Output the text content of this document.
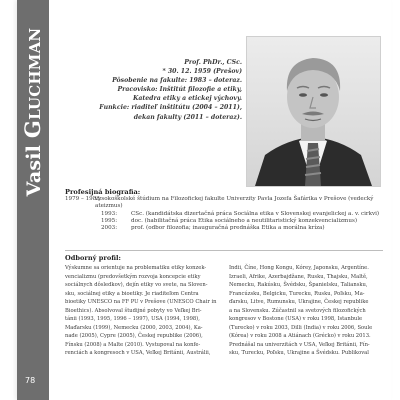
Vasil Gluchman
78
Prof. PhDr., CSc.
* 30. 12. 1959 (Prešov)
Pôsobenie na fakulte: 1983 – doteraz.
Pracovisko: Inštitút filozofie a etiky,
Katedra etiky a etickej výchovy.
Funkcie: riaditeľ inštitútu (2004 – 2011),
dekan fakulty (2011 – doteraz).
Profesijná biografia:
1979 – 1983:
vysokoškolské štúdium na Filozofickej fakulte Univerzity Pavla Jozefa Šafárika v Prešove (vedecký ateizmus)
1993:	CSc. (kandidátska dizertačná práca Sociálna etika v Slovenskej evanjelickej a. v. cirkvi)
1995:	doc. (habilitačná práca Etika sociálneho a neutilitaristický konzekvencializmus)
2003:	prof. (odbor filozofia; inauguračná prednáška Etika a morálna kríza)
Odborný profil:
Výskumne sa orientuje na problematiku etiky konzek-
vencializmu (predovšetkým rozvoja koncepcie etiky
sociálnych dôsledkov), dejín etiky vo svete, na Sloven-
sku, sociálnej etiky a bioetiky. Je riaditeľom Centra
bioetiky UNESCO na FF PU v Prešove (UNESCO Chair in
Bioethics). Absolvoval študijné pobyty vo Veľkej Bri-
tánii (1993, 1995, 1996 – 1997), USA (1994, 1998),
Maďarsku (1999), Nemecku (2000, 2003, 2004), Ka-
nade (2005), Cypre (2005), Českej republike (2006),
Fínsku (2008) a Malte (2010). Vystupoval na konfe-
renciách a kongresoch v USA, Veľkej Británii, Austrálii,
Indii, Číne, Hong Kongu, Kórey, Japonsku, Argentíne.
Izraeli, Afrike, Azerbajdžane, Rusku, Thajsku, Maltě,
Nemecku, Rakúsku, Švédsku, Španielsku, Taliansku,
Francúzsku, Belgicku, Turecku, Rusku, Poľsku, Ma-
ďarsku, Litve, Rumunsku, Ukrajine, Českej republike
a na Slovensku. Zúčastnil sa svetových filozofických
kongresov v Bostone (USA) v roku 1998, Istanbule
(Turecko) v roku 2003, Dilli (India) v roku 2006, Soule
(Kórea) v roku 2008 a Atiánach (Grécko) v roku 2013.
Prednášal na univerzitách v USA, Veľkej Británii, Fín-
sku, Turecku, Poľsku, Ukrajine a Švédsku. Publikoval
